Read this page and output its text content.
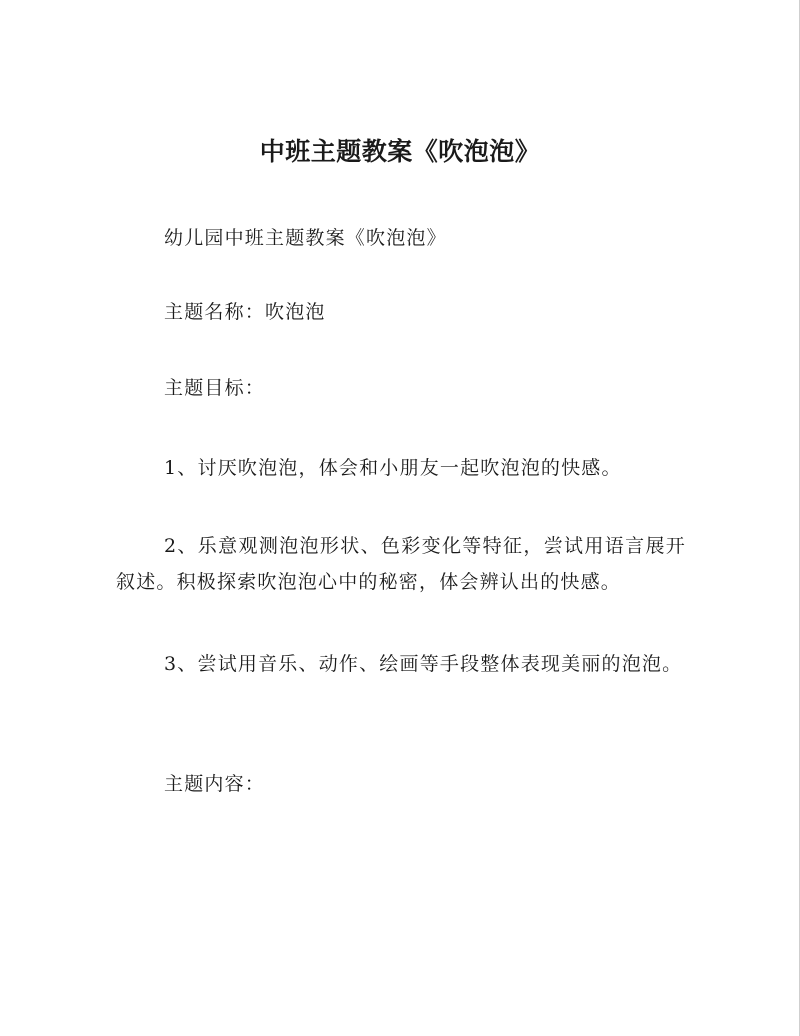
中班主题教案《吹泡泡》
幼儿园中班主题教案《吹泡泡》
主题名称：吹泡泡
主题目标：
1、讨厌吹泡泡，体会和小朋友一起吹泡泡的快感。
2、乐意观测泡泡形状、色彩变化等特征，尝试用语言展开叙述。积极探索吹泡泡心中的秘密，体会辨认出的快感。
3、尝试用音乐、动作、绘画等手段整体表现美丽的泡泡。
主题内容：
